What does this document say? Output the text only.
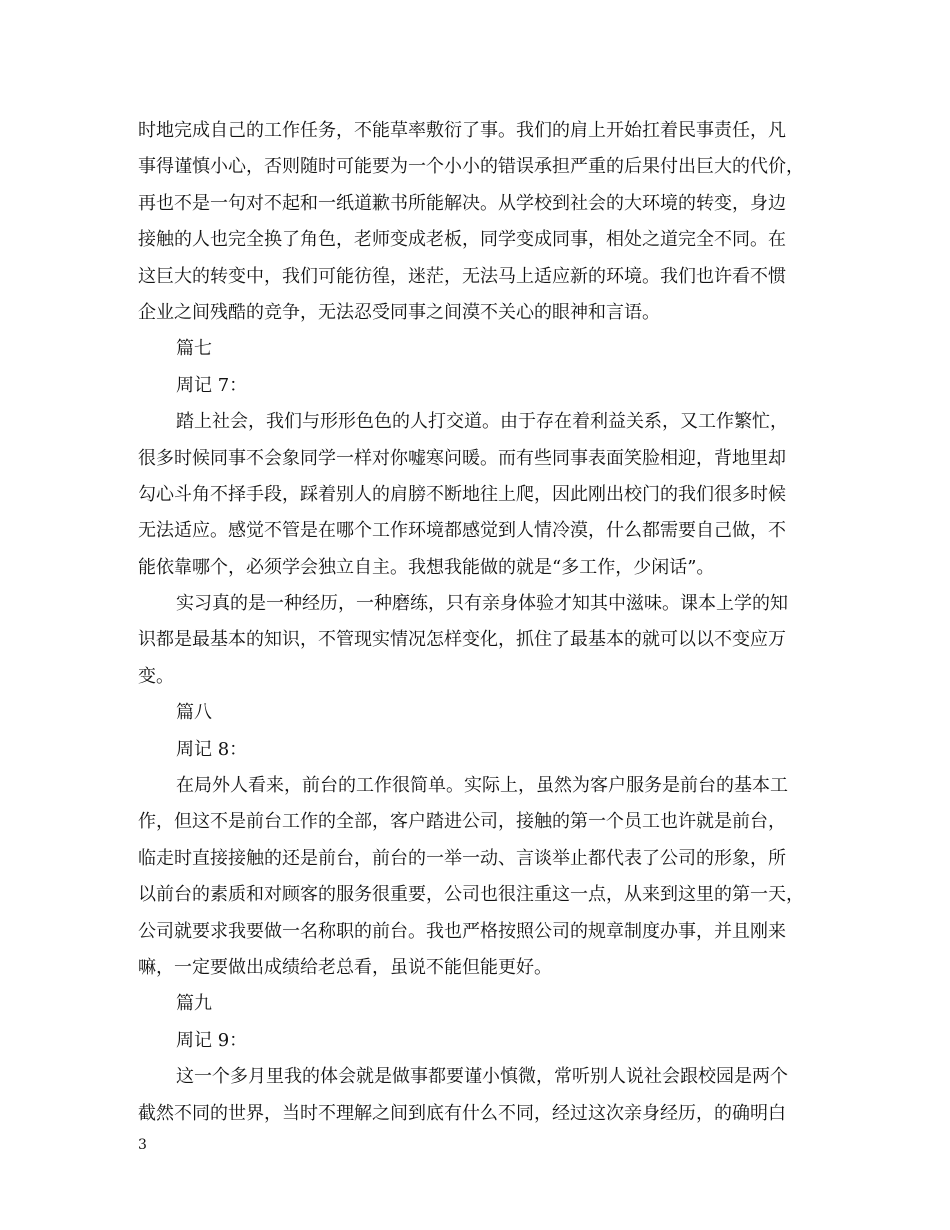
时地完成自己的工作任务，不能草率敷衍了事。我们的肩上开始扛着民事责任，凡
事得谨慎小心，否则随时可能要为一个小小的错误承担严重的后果付出巨大的代价，
再也不是一句对不起和一纸道歉书所能解决。从学校到社会的大环境的转变，身边
接触的人也完全换了角色，老师变成老板，同学变成同事，相处之道完全不同。在
这巨大的转变中，我们可能彷徨，迷茫，无法马上适应新的环境。我们也许看不惯
企业之间残酷的竞争，无法忍受同事之间漠不关心的眼神和言语。
篇七
周记 7：
踏上社会，我们与形形色色的人打交道。由于存在着利益关系，又工作繁忙，
很多时候同事不会象同学一样对你嘘寒问暖。而有些同事表面笑脸相迎，背地里却
勾心斗角不择手段，踩着别人的肩膀不断地往上爬，因此刚出校门的我们很多时候
无法适应。感觉不管是在哪个工作环境都感觉到人情冷漠，什么都需要自己做，不
能依靠哪个，必须学会独立自主。我想我能做的就是“多工作，少闲话”。
实习真的是一种经历，一种磨练，只有亲身体验才知其中滋味。课本上学的知
识都是最基本的知识，不管现实情况怎样变化，抓住了最基本的就可以以不变应万
变。
篇八
周记 8：
在局外人看来，前台的工作很简单。实际上，虽然为客户服务是前台的基本工
作，但这不是前台工作的全部，客户踏进公司，接触的第一个员工也许就是前台，
临走时直接接触的还是前台，前台的一举一动、言谈举止都代表了公司的形象，所
以前台的素质和对顾客的服务很重要，公司也很注重这一点，从来到这里的第一天，
公司就要求我要做一名称职的前台。我也严格按照公司的规章制度办事，并且刚来
嘛，一定要做出成绩给老总看，虽说不能但能更好。
篇九
周记 9：
这一个多月里我的体会就是做事都要谨小慎微，常听别人说社会跟校园是两个
截然不同的世界，当时不理解之间到底有什么不同，经过这次亲身经历，的确明白
3
